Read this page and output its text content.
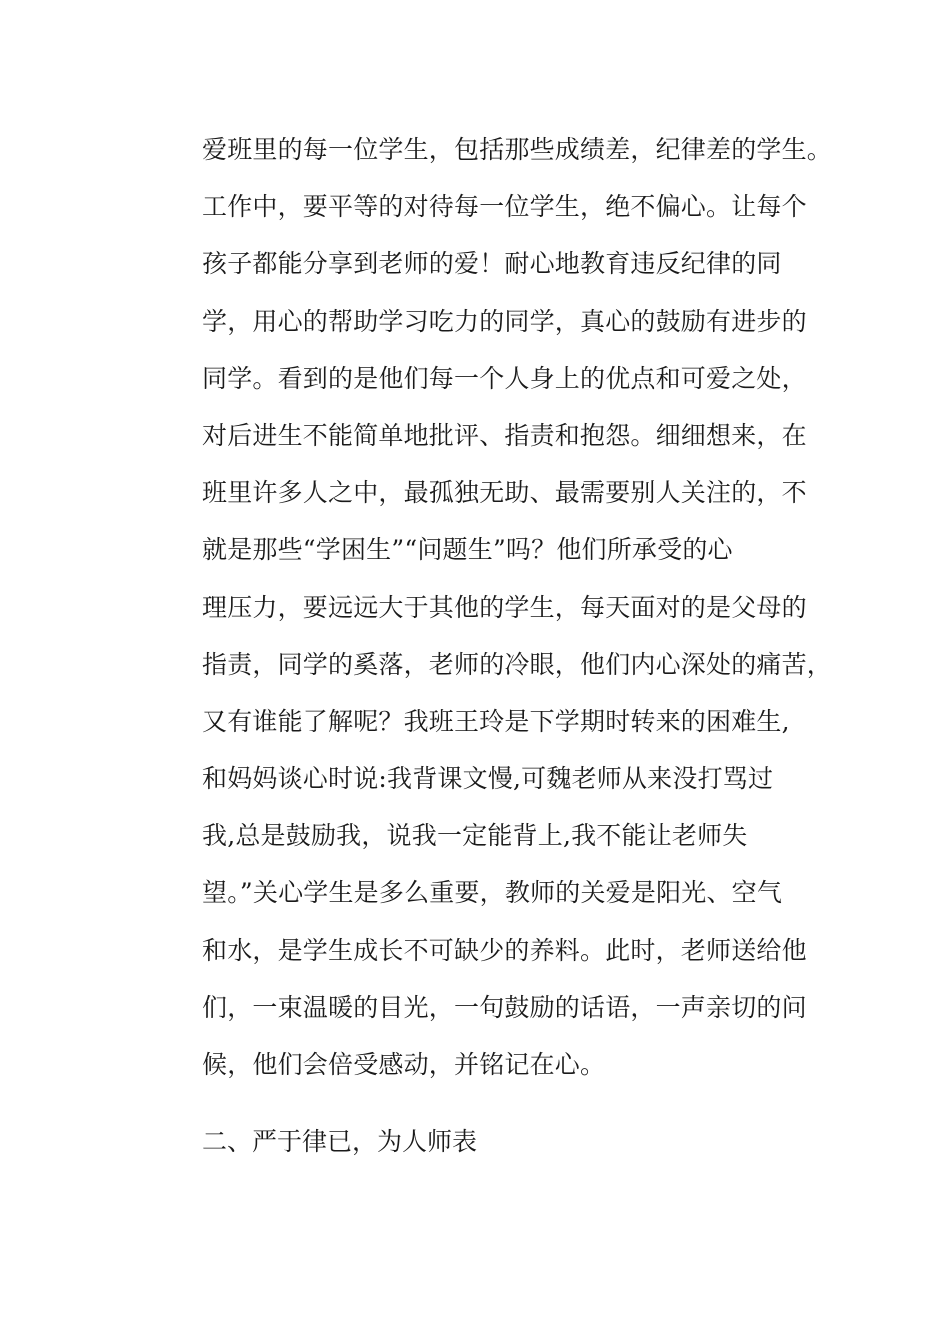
爱班里的每一位学生，包括那些成绩差，纪律差的学生。
工作中，要平等的对待每一位学生，绝不偏心。让每个
孩子都能分享到老师的爱！耐心地教育违反纪律的同
学，用心的帮助学习吃力的同学，真心的鼓励有进步的
同学。看到的是他们每一个人身上的优点和可爱之处，
对后进生不能简单地批评、指责和抱怨。细细想来，在
班里许多人之中，最孤独无助、最需要别人关注的，不
就是那些“学困生”“问题生”吗？他们所承受的心
理压力，要远远大于其他的学生，每天面对的是父母的
指责，同学的奚落，老师的冷眼，他们内心深处的痛苦，
又有谁能了解呢？我班王玲是下学期时转来的困难生,
和妈妈谈心时说:我背课文慢,可魏老师从来没打骂过
我,总是鼓励我，说我一定能背上,我不能让老师失
望。”关心学生是多么重要，教师的关爱是阳光、空气
和水，是学生成长不可缺少的养料。此时，老师送给他
们，一束温暖的目光，一句鼓励的话语，一声亲切的问
候，他们会倍受感动，并铭记在心。
二、严于律已，为人师表
